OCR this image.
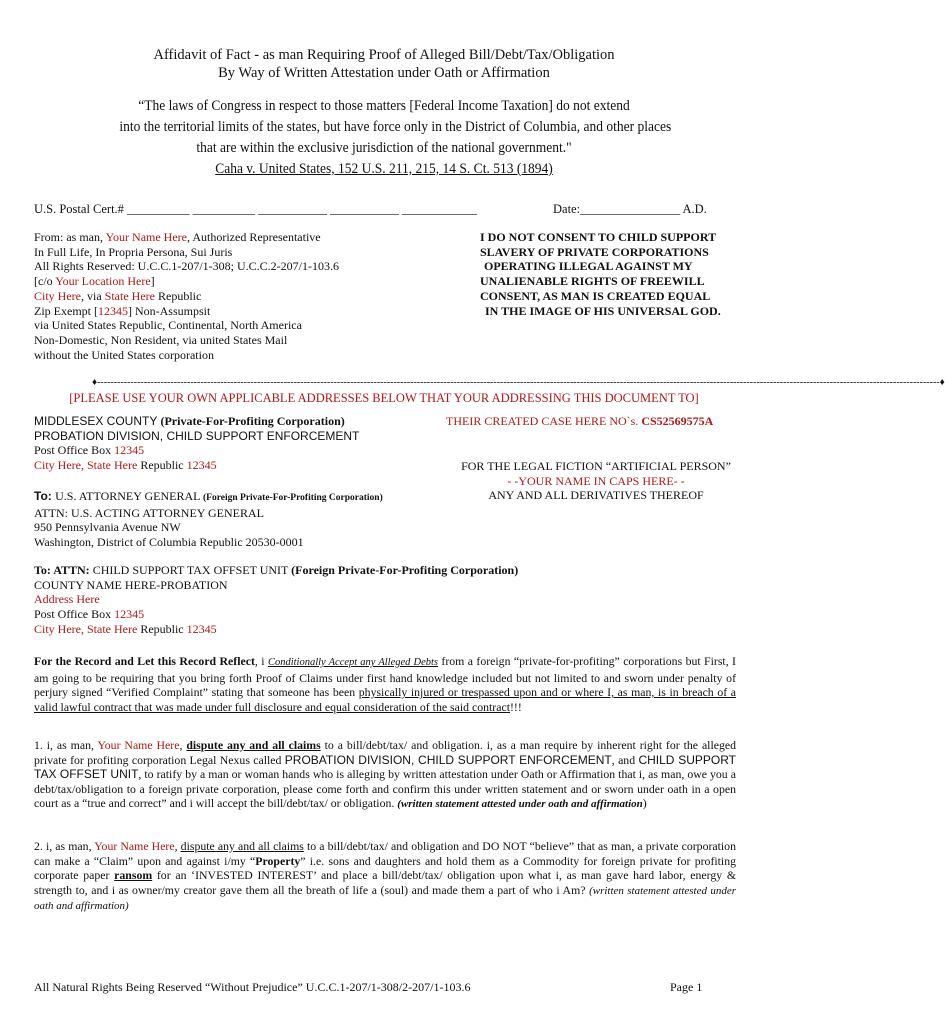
Affidavit of Fact - as man Requiring Proof of Alleged Bill/Debt/Tax/Obligation
By Way of Written Attestation under Oath or Affirmation
“The laws of Congress in respect to those matters [Federal Income Taxation] do not extend
into the territorial limits of the states, but have force only in the District of Columbia, and other places
that are within the exclusive jurisdiction of the national government."
Caha v. United States, 152 U.S. 211, 215, 14 S. Ct. 513 (1894)
U.S. Postal Cert.# __________ __________ ___________ ___________ ____________	Date:________________ A.D.
From: as man, Your Name Here, Authorized Representative
In Full Life, In Propria Persona, Sui Juris
All Rights Reserved: U.C.C.1-207/1-308; U.C.C.2-207/1-103.6
[c/o Your Location Here]
City Here, via State Here Republic
Zip Exempt [12345] Non-Assumpsit
via United States Republic, Continental, North America
Non-Domestic, Non Resident, via united States Mail
without the United States corporation
I DO NOT CONSENT TO CHILD SUPPORT
SLAVERY OF PRIVATE CORPORATIONS
OPERATING ILLEGAL AGAINST MY
UNALIENABLE RIGHTS OF FREEWILL
CONSENT, AS MAN IS CREATED EQUAL
IN THE IMAGE OF HIS UNIVERSAL GOD.
♦-------------------------------------------------------------------------------------------------------------------------------------------------------------------------------------------------------------------------------------------------------------♦
[PLEASE USE YOUR OWN APPLICABLE ADDRESSES BELOW THAT YOUR ADDRESSING THIS DOCUMENT TO]
MIDDLESEX COUNTY (Private-For-Profiting Corporation)
PROBATION DIVISION, CHILD SUPPORT ENFORCEMENT
Post Office Box 12345
City Here, State Here Republic 12345
THEIR CREATED CASE HERE NO`s. CS52569575A
FOR THE LEGAL FICTION “ARTIFICIAL PERSON”
- -YOUR NAME IN CAPS HERE- -
ANY AND ALL DERIVATIVES THEREOF
To: U.S. ATTORNEY GENERAL (Foreign Private-For-Profiting Corporation)
ATTN: U.S. ACTING ATTORNEY GENERAL
950 Pennsylvania Avenue NW
Washington, District of Columbia Republic 20530-0001
To: ATTN: CHILD SUPPORT TAX OFFSET UNIT (Foreign Private-For-Profiting Corporation)
COUNTY NAME HERE-PROBATION
Address Here
Post Office Box 12345
City Here, State Here Republic 12345
For the Record and Let this Record Reflect, i Conditionally Accept any Alleged Debts from a foreign “private-for-profiting” corporations but First, I am going to be requiring that you bring forth Proof of Claims under first hand knowledge included but not limited to and sworn under penalty of perjury signed “Verified Complaint” stating that someone has been physically injured or trespassed upon and or where I, as man, is in breach of a valid lawful contract that was made under full disclosure and equal consideration of the said contract!!!
1. i, as man, Your Name Here, dispute any and all claims to a bill/debt/tax/ and obligation. i, as a man require by inherent right for the alleged private for profiting corporation Legal Nexus called PROBATION DIVISION, CHILD SUPPORT ENFORCEMENT, and CHILD SUPPORT TAX OFFSET UNIT, to ratify by a man or woman hands who is alleging by written attestation under Oath or Affirmation that i, as man, owe you a debt/tax/obligation to a foreign private corporation, please come forth and confirm this under written statement and or sworn under oath in a open court as a “true and correct” and i will accept the bill/debt/tax/ or obligation. (written statement attested under oath and affirmation)
2. i, as man, Your Name Here, dispute any and all claims to a bill/debt/tax/ and obligation and DO NOT “believe” that as man, a private corporation can make a “Claim” upon and against i/my “Property” i.e. sons and daughters and hold them as a Commodity for foreign private for profiting corporate paper ransom for an ‘INVESTED INTEREST’ and place a bill/debt/tax/ obligation upon what i, as man gave hard labor, energy & strength to, and i as owner/my creator gave them all the breath of life a (soul) and made them a part of who i Am? (written statement attested under oath and affirmation)
All Natural Rights Being Reserved “Without Prejudice” U.C.C.1-207/1-308/2-207/1-103.6	Page 1
